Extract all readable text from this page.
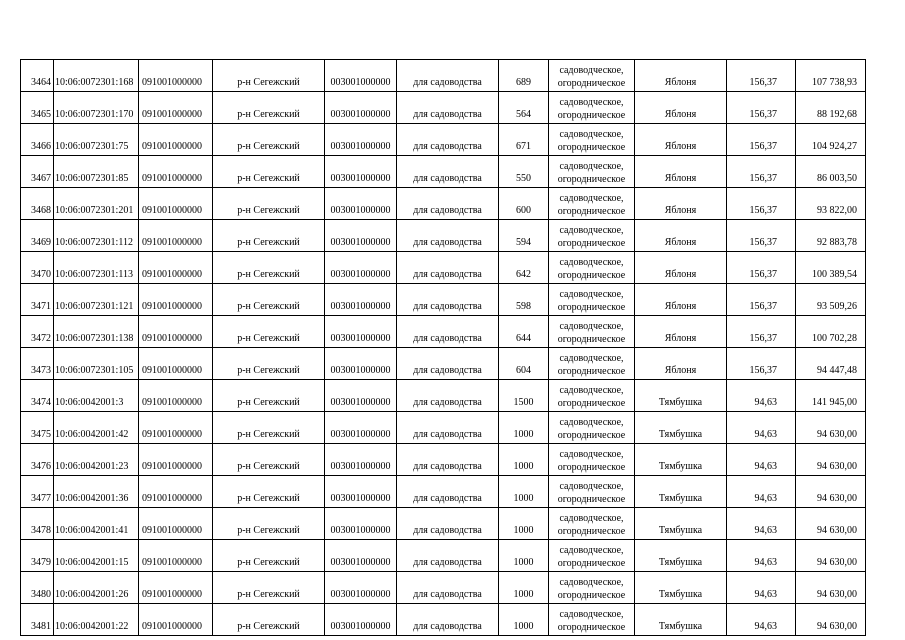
3464	10:06:0072301:168	091001000000	р-н Сегежский	003001000000	для садоводства	689	садоводческое,
огородническое	Яблоня	156,37	107 738,93
3465	10:06:0072301:170	091001000000	р-н Сегежский	003001000000	для садоводства	564	садоводческое,
огородническое	Яблоня	156,37	88 192,68
3466	10:06:0072301:75	091001000000	р-н Сегежский	003001000000	для садоводства	671	садоводческое,
огородническое	Яблоня	156,37	104 924,27
3467	10:06:0072301:85	091001000000	р-н Сегежский	003001000000	для садоводства	550	садоводческое,
огородническое	Яблоня	156,37	86 003,50
3468	10:06:0072301:201	091001000000	р-н Сегежский	003001000000	для садоводства	600	садоводческое,
огородническое	Яблоня	156,37	93 822,00
3469	10:06:0072301:112	091001000000	р-н Сегежский	003001000000	для садоводства	594	садоводческое,
огородническое	Яблоня	156,37	92 883,78
3470	10:06:0072301:113	091001000000	р-н Сегежский	003001000000	для садоводства	642	садоводческое,
огородническое	Яблоня	156,37	100 389,54
3471	10:06:0072301:121	091001000000	р-н Сегежский	003001000000	для садоводства	598	садоводческое,
огородническое	Яблоня	156,37	93 509,26
3472	10:06:0072301:138	091001000000	р-н Сегежский	003001000000	для садоводства	644	садоводческое,
огородническое	Яблоня	156,37	100 702,28
3473	10:06:0072301:105	091001000000	р-н Сегежский	003001000000	для садоводства	604	садоводческое,
огородническое	Яблоня	156,37	94 447,48
3474	10:06:0042001:3	091001000000	р-н Сегежский	003001000000	для садоводства	1500	садоводческое,
огородническое	Тямбушка	94,63	141 945,00
3475	10:06:0042001:42	091001000000	р-н Сегежский	003001000000	для садоводства	1000	садоводческое,
огородническое	Тямбушка	94,63	94 630,00
3476	10:06:0042001:23	091001000000	р-н Сегежский	003001000000	для садоводства	1000	садоводческое,
огородническое	Тямбушка	94,63	94 630,00
3477	10:06:0042001:36	091001000000	р-н Сегежский	003001000000	для садоводства	1000	садоводческое,
огородническое	Тямбушка	94,63	94 630,00
3478	10:06:0042001:41	091001000000	р-н Сегежский	003001000000	для садоводства	1000	садоводческое,
огородническое	Тямбушка	94,63	94 630,00
3479	10:06:0042001:15	091001000000	р-н Сегежский	003001000000	для садоводства	1000	садоводческое,
огородническое	Тямбушка	94,63	94 630,00
3480	10:06:0042001:26	091001000000	р-н Сегежский	003001000000	для садоводства	1000	садоводческое,
огородническое	Тямбушка	94,63	94 630,00
3481	10:06:0042001:22	091001000000	р-н Сегежский	003001000000	для садоводства	1000	садоводческое,
огородническое	Тямбушка	94,63	94 630,00
